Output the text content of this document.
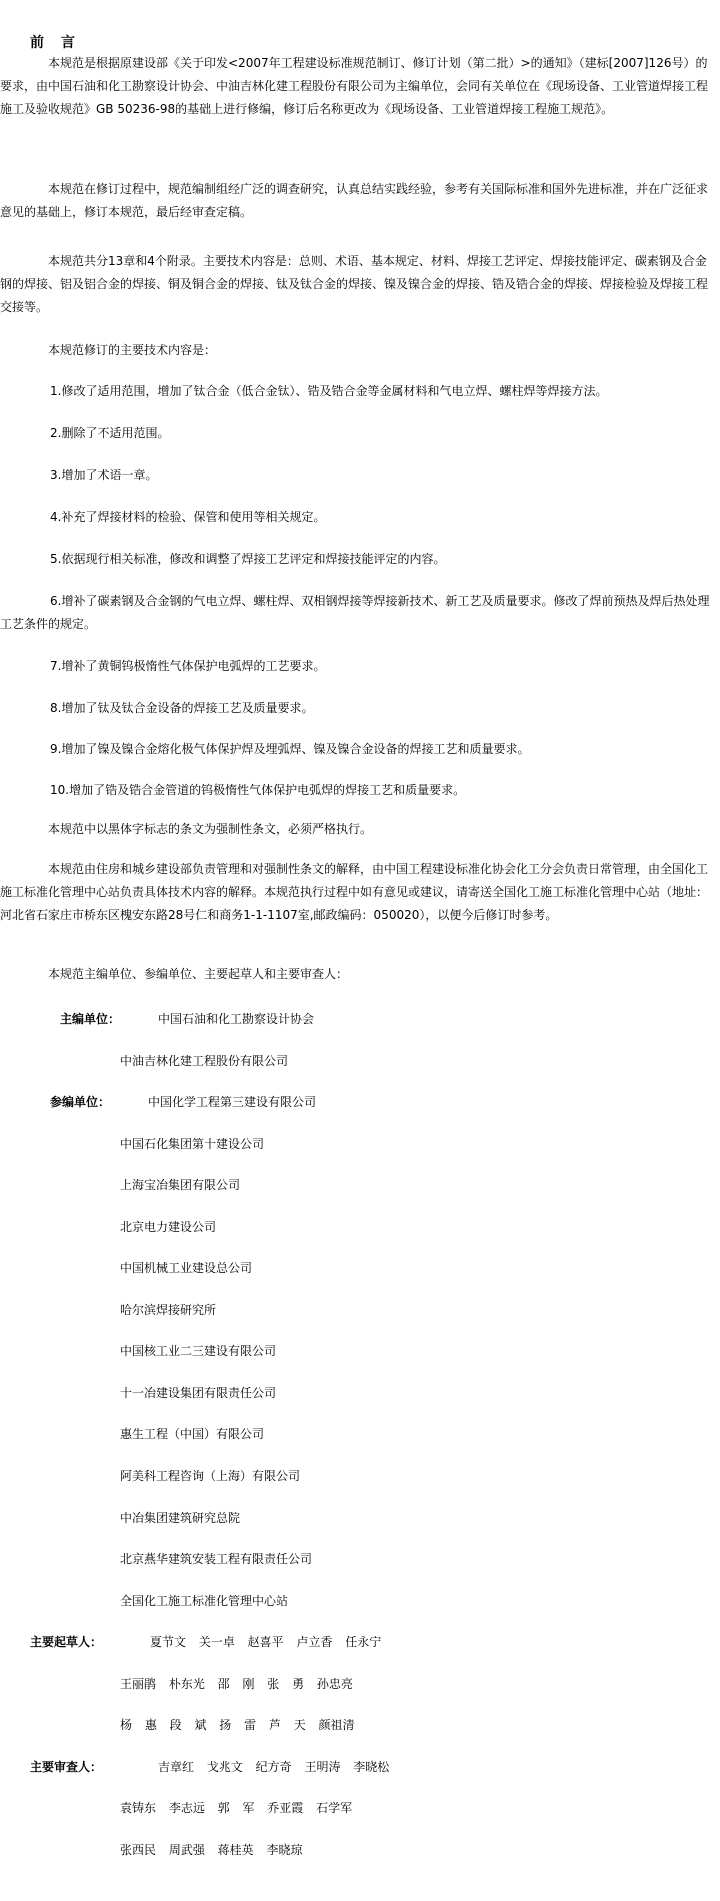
前 言

本规范是根据原建设部《关于印发<2007年工程建设标准规范制订、修订计划（第二批）>的通知》（建标[2007]126号）的要求，由中国石油和化工勘察设计协会、中油吉林化建工程股份有限公司为主编单位，会同有关单位在《现场设备、工业管道焊接工程施工及验收规范》GB 50236-98的基础上进行修编，修订后名称更改为《现场设备、工业管道焊接工程施工规范》。

本规范在修订过程中，规范编制组经广泛的调查研究，认真总结实践经验，参考有关国际标准和国外先进标准，并在广泛征求意见的基础上，修订本规范，最后经审查定稿。

本规范共分13章和4个附录。主要技术内容是：总则、术语、基本规定、材料、焊接工艺评定、焊接技能评定、碳素钢及合金钢的焊接、铝及铝合金的焊接、铜及铜合金的焊接、钛及钛合金的焊接、镍及镍合金的焊接、锆及锆合金的焊接、焊接检验及焊接工程交接等。

本规范修订的主要技术内容是：

1.修改了适用范围，增加了钛合金（低合金钛）、锆及锆合金等金属材料和气电立焊、螺柱焊等焊接方法。

2.删除了不适用范围。

3.增加了术语一章。

4.补充了焊接材料的检验、保管和使用等相关规定。

5.依据现行相关标准，修改和调整了焊接工艺评定和焊接技能评定的内容。

6.增补了碳素钢及合金钢的气电立焊、螺柱焊、双相钢焊接等焊接新技术、新工艺及质量要求。修改了焊前预热及焊后热处理工艺条件的规定。

7.增补了黄铜钨极惰性气体保护电弧焊的工艺要求。

8.增加了钛及钛合金设备的焊接工艺及质量要求。

9.增加了镍及镍合金熔化极气体保护焊及埋弧焊、镍及镍合金设备的焊接工艺和质量要求。

10.增加了锆及锆合金管道的钨极惰性气体保护电弧焊的焊接工艺和质量要求。

本规范中以黑体字标志的条文为强制性条文，必须严格执行。

本规范由住房和城乡建设部负责管理和对强制性条文的解释，由中国工程建设标准化协会化工分会负责日常管理，由全国化工施工标准化管理中心站负责具体技术内容的解释。本规范执行过程中如有意见或建议，请寄送全国化工施工标准化管理中心站（地址：河北省石家庄市桥东区槐安东路28号仁和商务1-1-1107室,邮政编码：050020），以便今后修订时参考。

本规范主编单位、参编单位、主要起草人和主要审查人：

主编单位：	中国石油和化工勘察设计协会
中油吉林化建工程股份有限公司
参编单位：	中国化学工程第三建设有限公司
中国石化集团第十建设公司
上海宝冶集团有限公司
北京电力建设公司
中国机械工业建设总公司
哈尔滨焊接研究所
中国核工业二三建设有限公司
十一冶建设集团有限责任公司
惠生工程（中国）有限公司
阿美科工程咨询（上海）有限公司
中冶集团建筑研究总院
北京燕华建筑安装工程有限责任公司
全国化工施工标准化管理中心站
主要起草人：	夏节文 关一卓 赵喜平 卢立香 任永宁
王丽鹃 朴东光 邵 刚 张 勇 孙忠亮
杨 惠 段 斌 扬 雷 芦 天 颜祖清
主要审查人：	吉章红 戈兆文 纪方奇 王明涛 李晓松
袁铸东 李志远 郭 军 乔亚霞 石学军
张西民 周武强 蒋桂英 李晓琼
